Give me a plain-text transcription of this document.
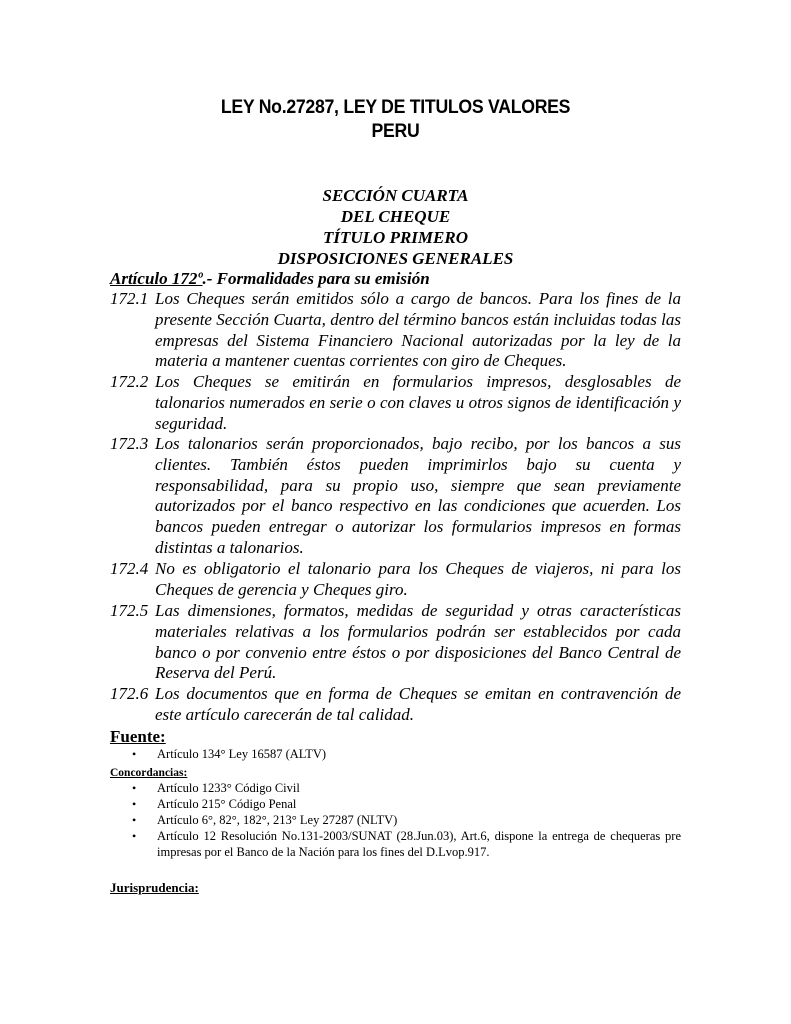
LEY No.27287, LEY DE TITULOS VALORES
PERU
SECCIÓN CUARTA
DEL CHEQUE
TÍTULO PRIMERO
DISPOSICIONES GENERALES
Artículo 172º.- Formalidades para su emisión
172.1 Los Cheques serán emitidos sólo a cargo de bancos. Para los fines de la presente Sección Cuarta, dentro del término bancos están incluidas todas las empresas del Sistema Financiero Nacional autorizadas por la ley de la materia a mantener cuentas corrientes con giro de Cheques.
172.2 Los Cheques se emitirán en formularios impresos, desglosables de talonarios numerados en serie o con claves u otros signos de identificación y seguridad.
172.3 Los talonarios serán proporcionados, bajo recibo, por los bancos a sus clientes. También éstos pueden imprimirlos bajo su cuenta y responsabilidad, para su propio uso, siempre que sean previamente autorizados por el banco respectivo en las condiciones que acuerden. Los bancos pueden entregar o autorizar los formularios impresos en formas distintas a talonarios.
172.4 No es obligatorio el talonario para los Cheques de viajeros, ni para los Cheques de gerencia y Cheques giro.
172.5 Las dimensiones, formatos, medidas de seguridad y otras características materiales relativas a los formularios podrán ser establecidos por cada banco o por convenio entre éstos o por disposiciones del Banco Central de Reserva del Perú.
172.6 Los documentos que en forma de Cheques se emitan en contravención de este artículo carecerán de tal calidad.
Fuente:
• Artículo 134° Ley 16587 (ALTV)
Concordancias:
• Artículo 1233° Código Civil
• Artículo 215° Código Penal
• Artículo 6°, 82°, 182°, 213° Ley 27287 (NLTV)
• Artículo 12 Resolución No.131-2003/SUNAT (28.Jun.03), Art.6, dispone la entrega de chequeras pre impresas por el Banco de la Nación para los fines del D.Lvop.917.
Jurisprudencia:
